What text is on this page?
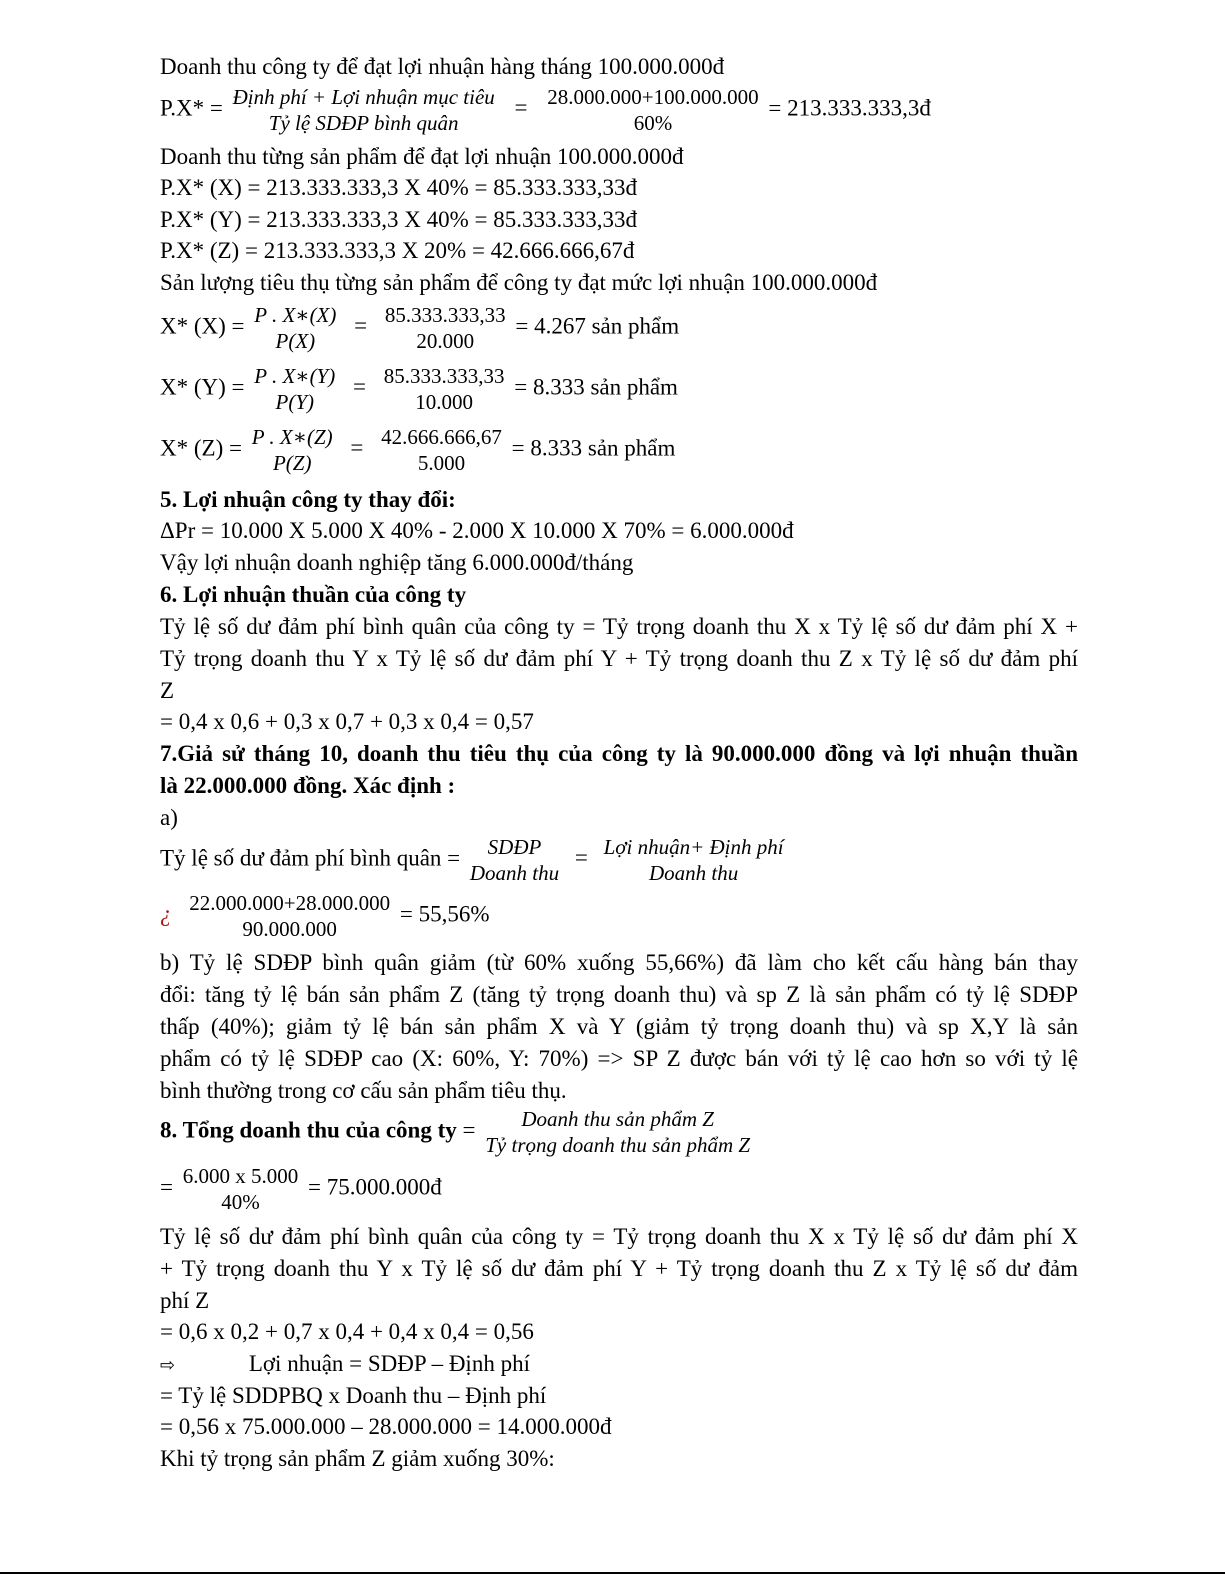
Doanh thu công ty để đạt lợi nhuận hàng tháng 100.000.000đ
P.X* = Định phí + Lợi nhuận mục tiêu
Tỷ lệ SDĐP bình quân
= 28.000.000+100.000.000
60%
= 213.333.333,3đ
Doanh thu từng sản phẩm để đạt lợi nhuận 100.000.000đ
P.X* (X) = 213.333.333,3 X 40% = 85.333.333,33đ
P.X* (Y) = 213.333.333,3 X 40% = 85.333.333,33đ
P.X* (Z) = 213.333.333,3 X 20% = 42.666.666,67đ
Sản lượng tiêu thụ từng sản phẩm để công ty đạt mức lợi nhuận 100.000.000đ
X* (X) = P . X∗(X)
P(X)
= 85.333.333,33
20.000
= 4.267 sản phẩm
X* (Y) = P . X∗(Y)
P(Y)
= 85.333.333,33
10.000
= 8.333 sản phẩm
X* (Z) = P . X∗(Z)
P(Z)
= 42.666.666,67
5.000
= 8.333 sản phẩm
5. Lợi nhuận công ty thay đổi:
ΔPr = 10.000 X 5.000 X 40% - 2.000 X 10.000 X 70% = 6.000.000đ
Vậy lợi nhuận doanh nghiệp tăng 6.000.000đ/tháng
6. Lợi nhuận thuần của công ty
Tỷ lệ số dư đảm phí bình quân của công ty = Tỷ trọng doanh thu X x Tỷ lệ số dư đảm phí X +
Tỷ trọng doanh thu Y x Tỷ lệ số dư đảm phí Y + Tỷ trọng doanh thu Z x Tỷ lệ số dư đảm phí
Z
= 0,4 x 0,6 + 0,3 x 0,7 + 0,3 x 0,4 = 0,57
7.Giả sử tháng 10, doanh thu tiêu thụ của công ty là 90.000.000 đồng và lợi nhuận thuần
là 22.000.000 đồng. Xác định :
a)
Tỷ lệ số dư đảm phí bình quân =	SDĐP
Doanh thu
= Lợi nhuận+ Định phí
Doanh thu
¿ 22.000.000+28.000.000
90.000.000
= 55,56%
b) Tỷ lệ SDĐP bình quân giảm (từ 60% xuống 55,66%) đã làm cho kết cấu hàng bán thay
đổi: tăng tỷ lệ bán sản phẩm Z (tăng tỷ trọng doanh thu) và sp Z là sản phẩm có tỷ lệ SDĐP
thấp (40%); giảm tỷ lệ bán sản phẩm X và Y (giảm tỷ trọng doanh thu) và sp X,Y là sản
phẩm có tỷ lệ SDĐP cao (X: 60%, Y: 70%) => SP Z được bán với tỷ lệ cao hơn so với tỷ lệ
bình thường trong cơ cấu sản phẩm tiêu thụ.
8. Tổng doanh thu của công ty =	Doanh thu sản phẩm Z
Tỷ trọng doanh thu sản phẩm Z
= 6.000 x 5.000
40%
= 75.000.000đ
Tỷ lệ số dư đảm phí bình quân của công ty = Tỷ trọng doanh thu X x Tỷ lệ số dư đảm phí X
+ Tỷ trọng doanh thu Y x Tỷ lệ số dư đảm phí Y + Tỷ trọng doanh thu Z x Tỷ lệ số dư đảm
phí Z
= 0,6 x 0,2 + 0,7 x 0,4 + 0,4 x 0,4 = 0,56
⇨	Lợi nhuận = SDĐP – Định phí
= Tỷ lệ SDDPBQ x Doanh thu – Định phí
= 0,56 x 75.000.000 – 28.000.000 = 14.000.000đ
Khi tỷ trọng sản phẩm Z giảm xuống 30%:
